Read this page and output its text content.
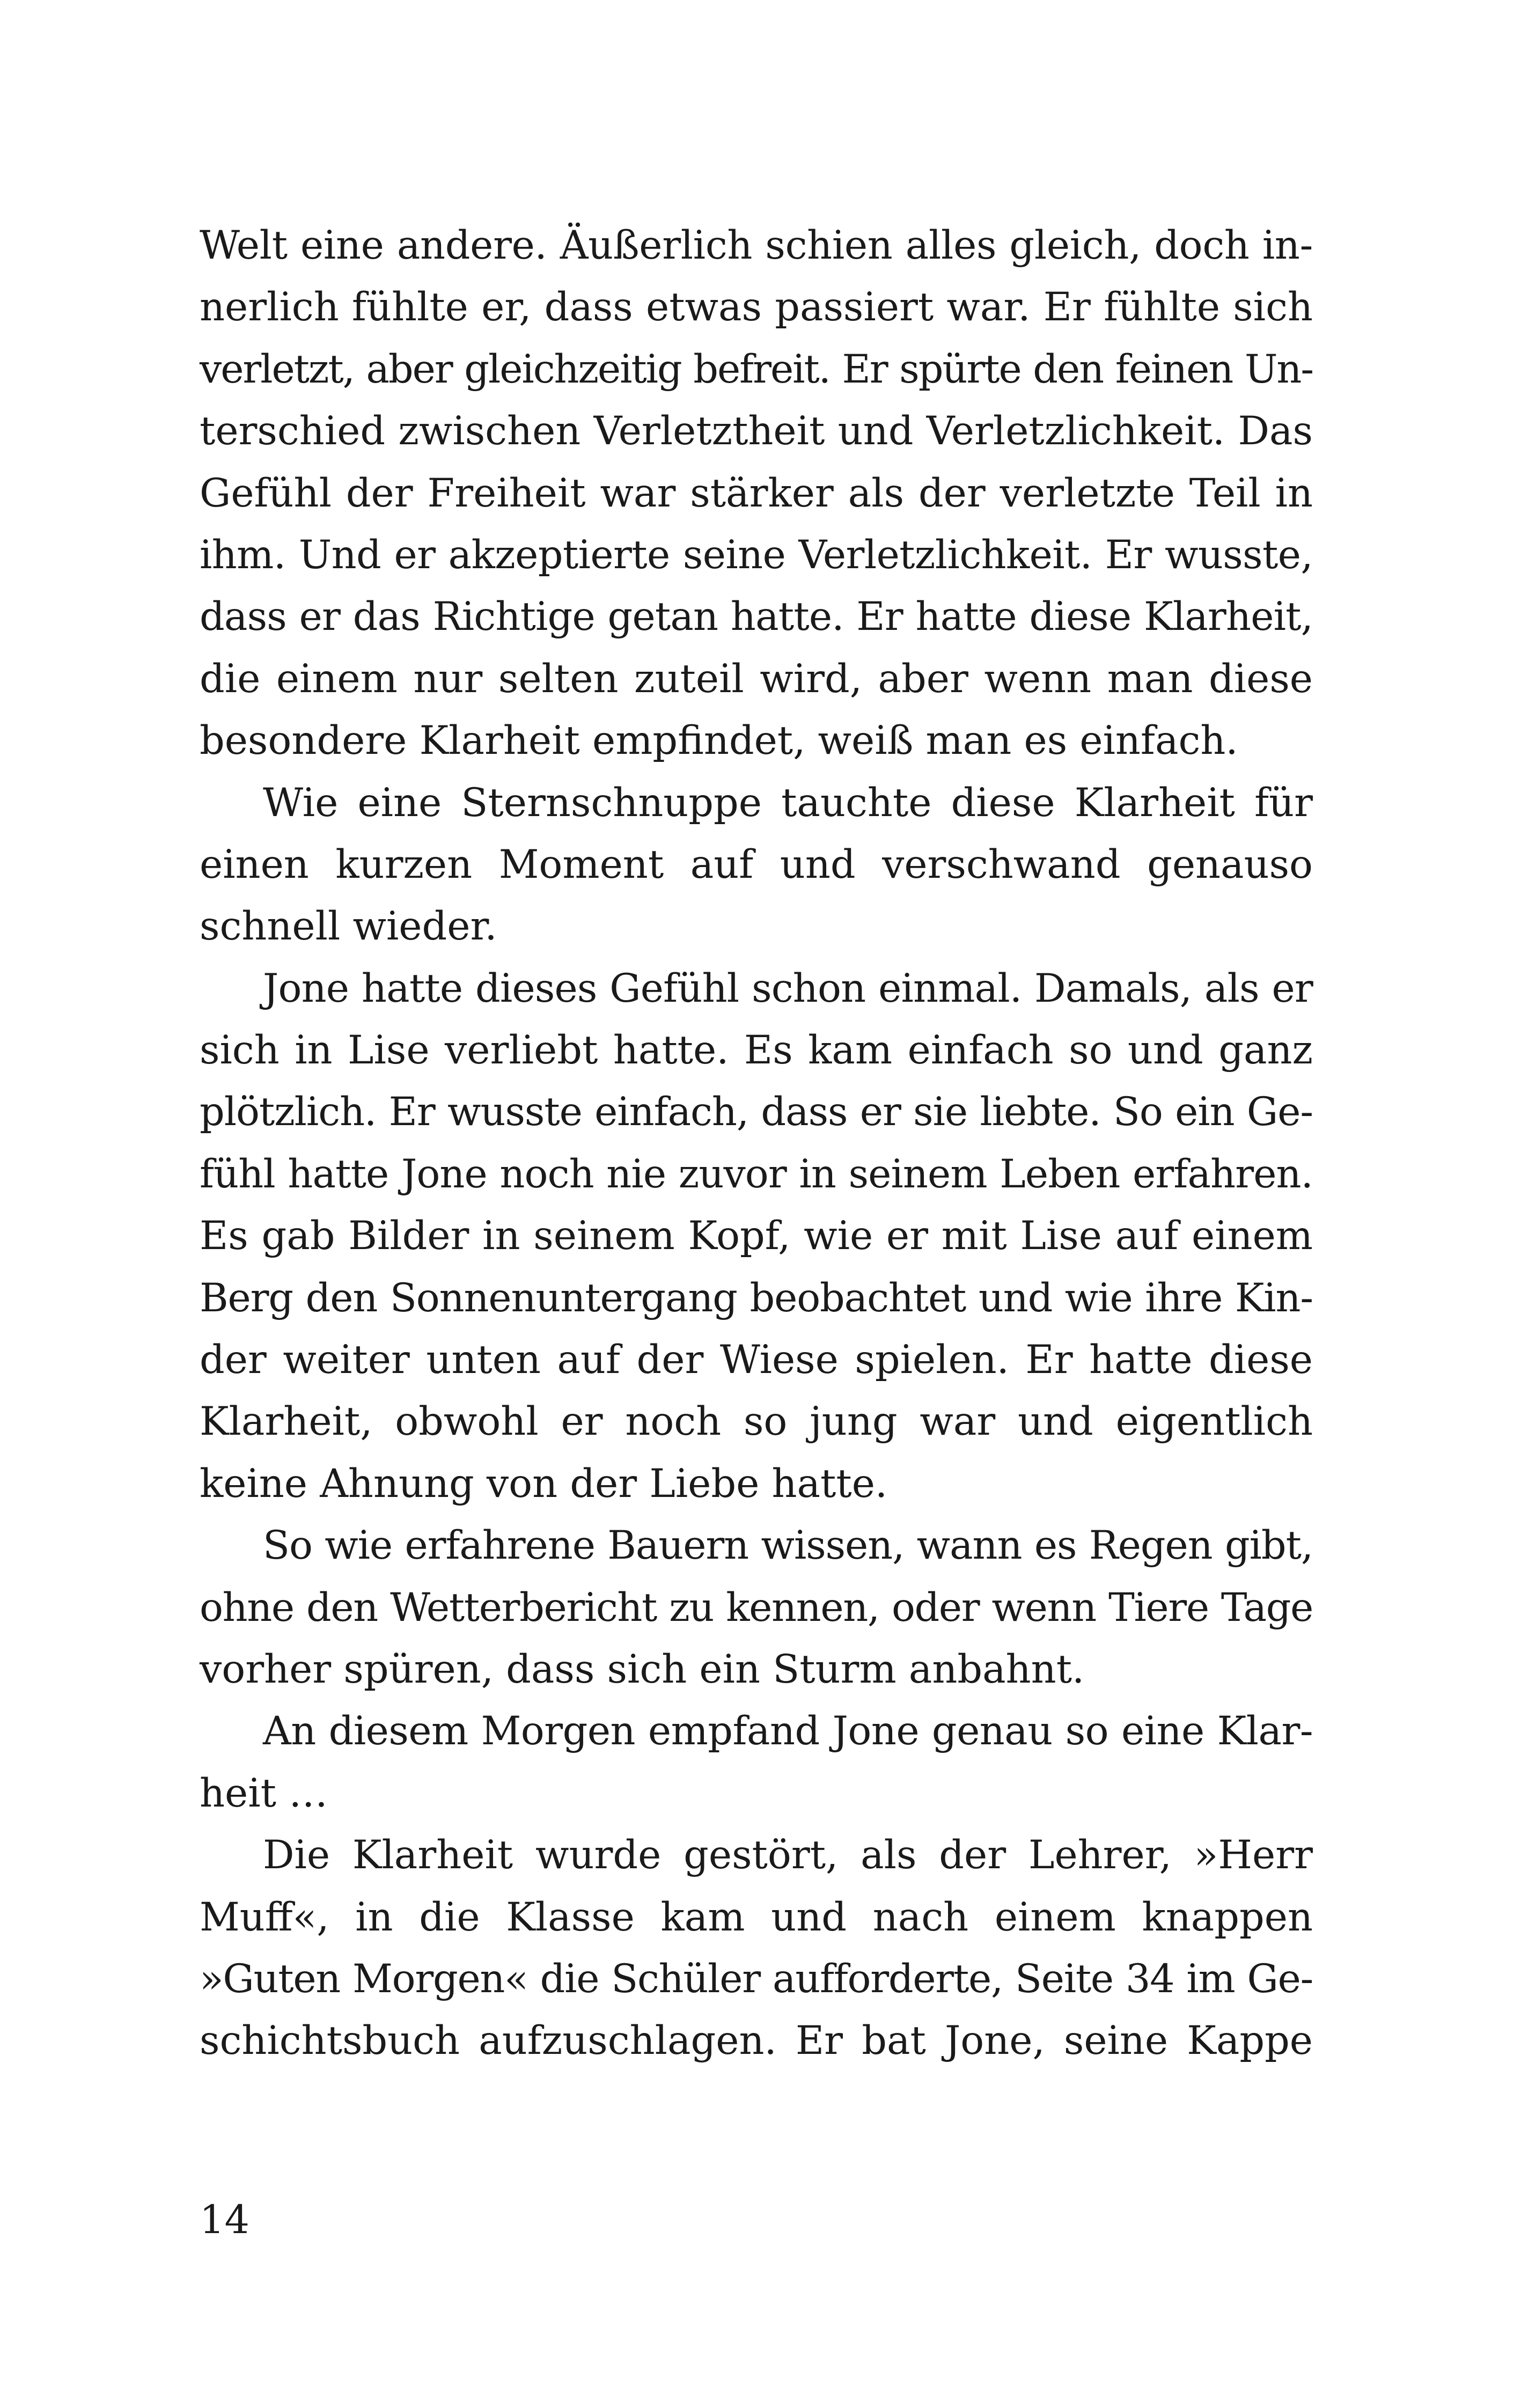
Welt eine andere. Äußerlich schien alles gleich, doch in-
nerlich fühlte er, dass etwas passiert war. Er fühlte sich
verletzt, aber gleichzeitig befreit. Er spürte den feinen Un-
terschied zwischen Verletztheit und Verletzlichkeit. Das
Gefühl der Freiheit war stärker als der verletzte Teil in
ihm. Und er akzeptierte seine Verletzlichkeit. Er wusste,
dass er das Richtige getan hatte. Er hatte diese Klarheit,
die einem nur selten zuteil wird, aber wenn man diese
besondere Klarheit empfindet, weiß man es einfach.
Wie eine Sternschnuppe tauchte diese Klarheit für
einen kurzen Moment auf und verschwand genauso
schnell wieder.
Jone hatte dieses Gefühl schon einmal. Damals, als er
sich in Lise verliebt hatte. Es kam einfach so und ganz
plötzlich. Er wusste einfach, dass er sie liebte. So ein Ge-
fühl hatte Jone noch nie zuvor in seinem Leben erfahren.
Es gab Bilder in seinem Kopf, wie er mit Lise auf einem
Berg den Sonnenuntergang beobachtet und wie ihre Kin-
der weiter unten auf der Wiese spielen. Er hatte diese
Klarheit, obwohl er noch so jung war und eigentlich
keine Ahnung von der Liebe hatte.
So wie erfahrene Bauern wissen, wann es Regen gibt,
ohne den Wetterbericht zu kennen, oder wenn Tiere Tage
vorher spüren, dass sich ein Sturm anbahnt.
An diesem Morgen empfand Jone genau so eine Klar-
heit …
Die Klarheit wurde gestört, als der Lehrer, »Herr
Muff«, in die Klasse kam und nach einem knappen
»Guten Morgen« die Schüler aufforderte, Seite 34 im Ge-
schichtsbuch aufzuschlagen. Er bat Jone, seine Kappe
14
